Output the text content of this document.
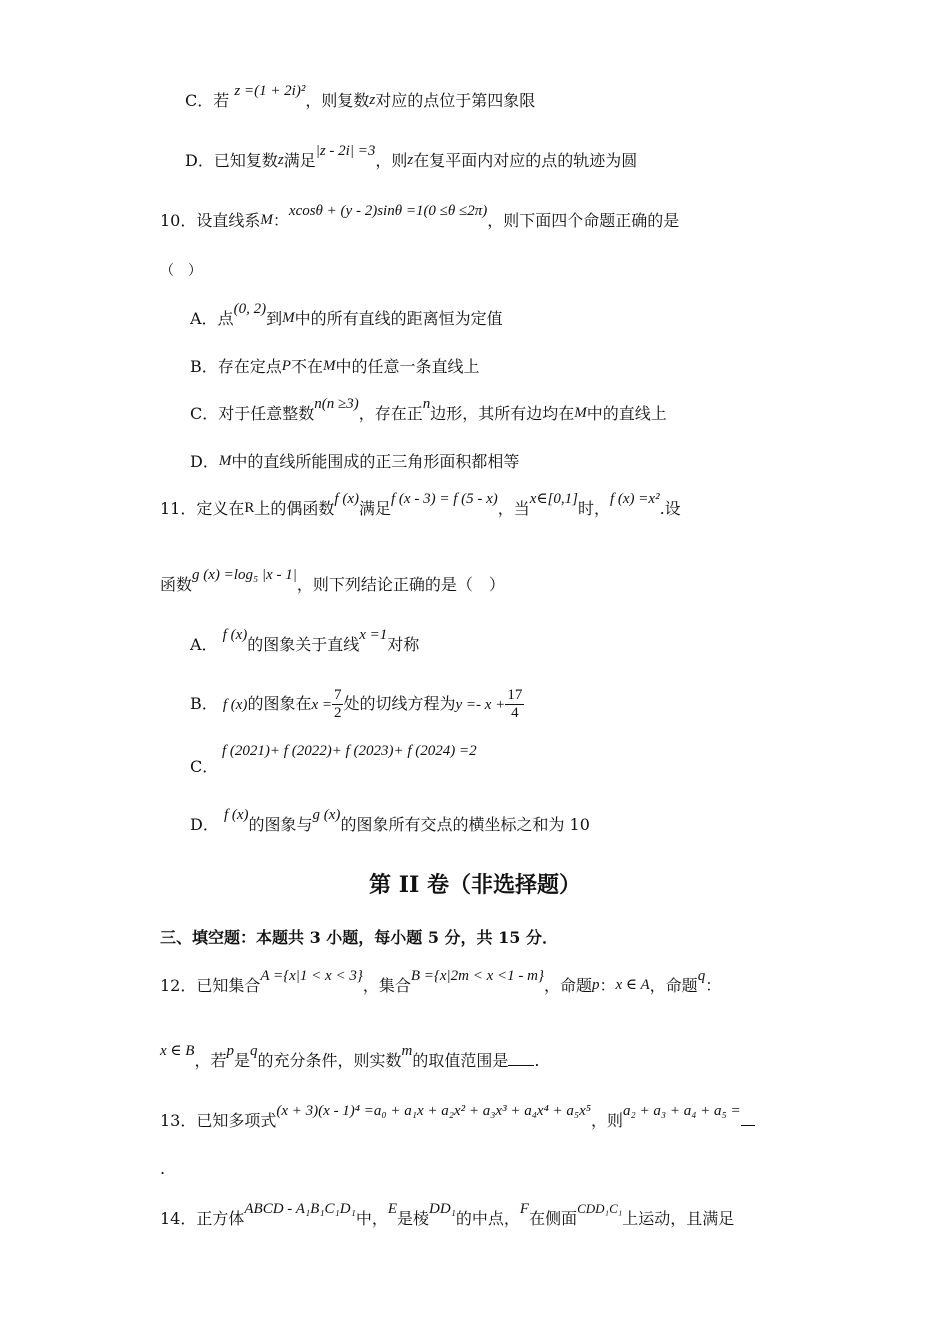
C．若 z =(1 + 2i)²，则复数z对应的点位于第四象限
D．已知复数z满足|z - 2i| =3，则z在复平面内对应的点的轨迹为圆
10．设直线系M：xcosθ + (y - 2)sinθ =1(0 ≤θ ≤2π)，则下面四个命题正确的是
（　）
A．点(0, 2)到M中的所有直线的距离恒为定值
B．存在定点P不在M中的任意一条直线上
C．对于任意整数n(n ≥3)，存在正n边形，其所有边均在M中的直线上
D．M中的直线所能围成的正三角形面积都相等
11．定义在R上的偶函数f (x)满足f (x - 3) = f (5 - x)，当x∈[0,1]时，f (x) =x².设
函数g (x) =log₅ |x - 1|，则下列结论正确的是（　）
A． f (x)的图象关于直线x =1对称
B． f (x)的图象在$x = \frac{7}{2}$ 处的切线方程为$y =- x + \frac{17}{4}$
C．
f (2021)+ f (2022)+ f (2023)+ f (2024) =2
D． f (x)的图象与g (x)的图象所有交点的横坐标之和为 10
第 II 卷（非选择题）
三、填空题：本题共 3 小题，每小题 5 分，共 15 分．
12．已知集合A ={x|1 < x < 3}，集合B ={x|2m < x <1 - m}，命题p：x ∈ A，命题q：
x ∈ B，若p是q的充分条件，则实数m的取值范围是 .
13．已知多项式(x + 3)(x - 1)⁴ =a₀ + a₁x + a₂x² + a₃x³ + a₄x⁴ + a₅x⁵，则a₂ + a₃ + a₄ + a₅ =
.
14．正方体ABCD - A₁B₁C₁D₁中，E是棱DD₁的中点，F在侧面$^{CDD_1C_1}$上运动，且满足
